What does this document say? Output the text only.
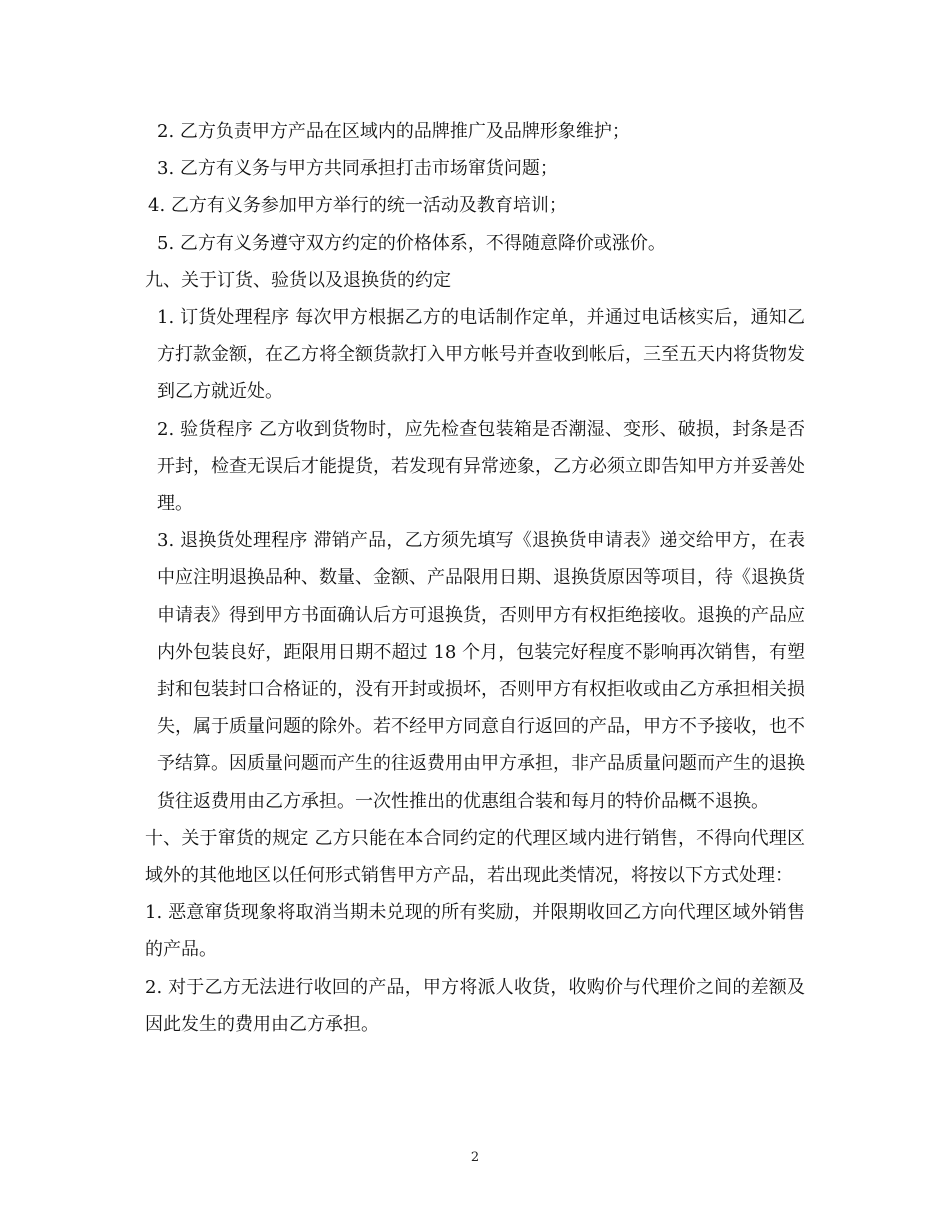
2. 乙方负责甲方产品在区域内的品牌推广及品牌形象维护；

3. 乙方有义务与甲方共同承担打击市场窜货问题；

4. 乙方有义务参加甲方举行的统一活动及教育培训；

5. 乙方有义务遵守双方约定的价格体系，不得随意降价或涨价。

九、关于订货、验货以及退换货的约定

1. 订货处理程序 每次甲方根据乙方的电话制作定单，并通过电话核实后，通知乙方打款金额，在乙方将全额货款打入甲方帐号并查收到帐后，三至五天内将货物发到乙方就近处。

2. 验货程序 乙方收到货物时，应先检查包装箱是否潮湿、变形、破损，封条是否开封，检查无误后才能提货，若发现有异常迹象，乙方必须立即告知甲方并妥善处理。

3. 退换货处理程序 滞销产品，乙方须先填写《退换货申请表》递交给甲方，在表中应注明退换品种、数量、金额、产品限用日期、退换货原因等项目，待《退换货申请表》得到甲方书面确认后方可退换货，否则甲方有权拒绝接收。退换的产品应内外包装良好，距限用日期不超过 18 个月，包装完好程度不影响再次销售，有塑封和包装封口合格证的，没有开封或损坏，否则甲方有权拒收或由乙方承担相关损失，属于质量问题的除外。若不经甲方同意自行返回的产品，甲方不予接收，也不予结算。因质量问题而产生的往返费用由甲方承担，非产品质量问题而产生的退换货往返费用由乙方承担。一次性推出的优惠组合装和每月的特价品概不退换。

十、关于窜货的规定 乙方只能在本合同约定的代理区域内进行销售，不得向代理区域外的其他地区以任何形式销售甲方产品，若出现此类情况，将按以下方式处理：

1. 恶意窜货现象将取消当期未兑现的所有奖励，并限期收回乙方向代理区域外销售的产品。

2. 对于乙方无法进行收回的产品，甲方将派人收货，收购价与代理价之间的差额及因此发生的费用由乙方承担。

2
